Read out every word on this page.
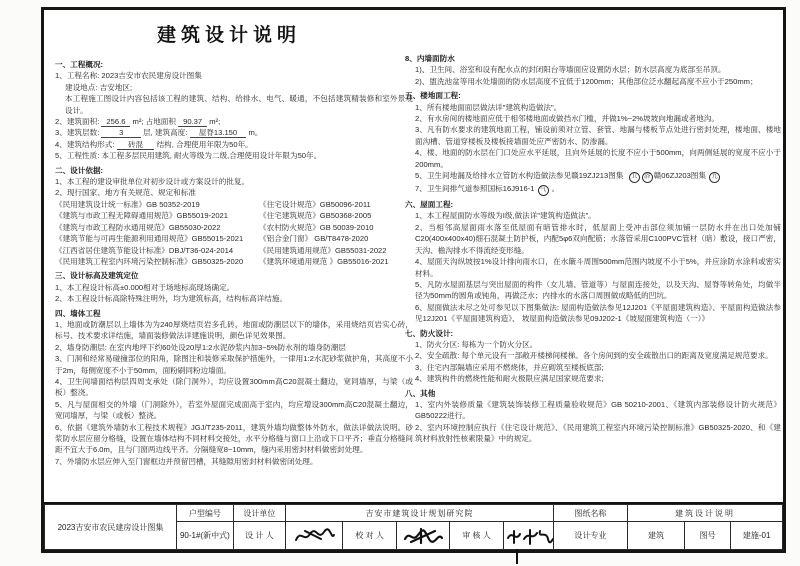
建筑设计说明
一、工程概况:
1、工程名称: 2023吉安市农民建房设计图集
建设地点: 吉安地区;
本工程施工图设计内容包括该工程的建筑、结构、给排水、电气、暖通，不包括建筑精装修和室外景观设计。
2、建筑面积: 256.6 m²; 占地面积 90.37 m²;
3、建筑层数:       3       层, 建筑高度:   屋脊13.150   m。
4、建筑结构形式:    砖混    结构, 合理使用年限为50年。
5、工程性质: 本工程多层民用建筑, 耐火等级为二级,合理使用设计年限为50年。
二、设计依据:
1、本工程的建设审批单位对初步设计或方案设计的批复。
2、现行国家、地方有关规范、规定和标准
《民用建筑设计统一标准》GB 50352-2019	《住宅设计规范》GB50096-2011
《建筑与市政工程无障碍通用规范》GB55019-2021	《住宅建筑规范》GB50368-2005
《建筑与市政工程防水通用规范》GB55030-2022	《农村防火规范》GB 50039-2010
《建筑节能与可再生能源利用通用规范》GB55015-2021	《铝合金门窗》 GB/T8478-2020
《江西省居住建筑节能设计标准》DBJ/T36-024-2014	《民用建筑通用规范》GB55031-2022
《民用建筑工程室内环境污染控制标准》GB50325-2020	《建筑环境通用规范 》GB55016-2021
三、设计标高及建筑定位
1、本工程设计标高±0.000相对于场地标高现场确定。
2、本工程设计标高除特殊注明外，均为建筑标高，结构标高详结施。
四、墙体工程
1、地面或防潮层以上墙体为为240厚烧结页岩多孔砖，地面或防潮层以下的墙体，采用烧结页岩实心砖，标号、技术要求详结施，墙面装修做法详建施说明，颜色详见效果图。
2、墙身防潮层: 在室内地坪下约60处设20厚1:2水泥砂浆内加3~5%防水剂的墙身防潮层
3、门洞和经常易碰撞部位的阳角，除图注和装修采取保护措施外，一律用1:2水泥砂浆做护角，其高度不小于2m，每侧宽度不小于50mm，面粉刷同粉边墙面。
4、卫生间墙面结构层四周支承处（除门洞外），均应设置300mm高C20混凝土翻边，宽同墙厚，与梁（或板）整浇。
5、凡与屋面相交的外墙（门洞除外），若室外屋面完成面高于室内，均应增设300mm高C20混凝土翻边，宽同墙厚，与梁（或板）整浇。
6、依据《建筑外墙防水工程技术规程》JGJ/T235-2011，建筑外墙均做整体外防水，做法详做法说明。砂浆防水层应留分格缝，设置在墙体结构不同材料交接处，水平分格缝与窗口上沿或下口平齐；垂直分格缝间距不宜大于6.0m，且与门窗两边线平齐。分隔缝宽8~10mm，缝内采用密封材料做密封处理。
7、外墙防水层应伸入至门窗框边并预留凹槽，其缝隙用密封材料做密闭处理。
8、内墙面防水
1)、卫生间、浴室和设有配水点的封闭阳台等墙面应设置防水层；防水层高度为底部至吊顶。
2)、盥洗池盆等用水处墙面的防水层高度不宜低于1200mm；其他部位泛水翻起高度不应小于250mm；
五、楼地面工程:
1、所有楼地面面层做法详"建筑构造做法"。
2、有水房间的楼地面应低于相邻楼地面或做挡水门槛，并做1%~2%坡坡向地漏或者地沟。
3、凡有防水要求的建筑地面工程，铺设前须对立管、套管、地漏与楼板节点处进行密封处理，楼地面、楼地面沟槽、管道穿楼板及楼板接墙面处应严密防水、防渗漏。
4、楼、地面的防水层在门口处应水平延展，且向外延展的长度不应小于500mm，向两侧延展的宽度不应小于200mm。
5、卫生间地漏及给排水立管防水构造做法参见赣19ZJ213图集  卫 浴 赣06ZJ203图集 九
7、卫生间排气道参照国标16J916-1 气 。
六、屋面工程:
1、本工程屋面防水等级为I级,做法详"建筑构造做法"。
2、当相邻高屋面雨水落至低屋面有暗管排水时，低屋面上受冲击部位须加铺一层防水并在出口处加铺C20(400x400x40)细石混凝土防护板，内配5φ6双向配筋；水落管采用C100PVC管材（暗）敷设，接口严密，天沟、檐沟排水不得流经变形缝。
4、屋面天沟纵坡按1%设计排向雨水口，在水簸斗周围500mm范围内坡度不小于5%，并应涂防水涂料或密实材料。
5、凡防水屋面基层与突出屋面的构件（女儿墙、管道等）与屋面连接处，以及天沟、屋脊等转角处，均做半径为50mm的圆角或钝角，再做泛水；内排水的水落口周围做成略低的凹坑。
6、屋面做法未尽之处可参见以下图集做法: 屋面构造做法参见12J201《平屋面建筑构造》、平屋面构造做法参见12J201《平屋面建筑构造》、 坡屋面构造做法参见09J202-1《坡屋面建筑构造（一）》
七、防火设计:
1、防火分区: 每栋为一个防火分区。
2、安全疏散: 每个单元设有一部敞开楼梯间楼梯。各个房间到的安全疏散出口的距离及宽度满足规范要求。
3、住宅内部隔墙应采用不燃烧体，并应砌筑至楼板底部;
4、建筑构件的燃烧性能和耐火极限应满足国家规范要求;
八、其他
1、室内外装修质量《建筑装饰装修工程质量验收规范》GB 50210-2001、《建筑内部装修设计防火规范》GB50222进行。
2、室内环境控制应执行《住宅设计规范》、《民用建筑工程室内环境污染控制标准》GB50325-2020、和《建筑材料放射性核素限量》中的规定。
2023吉安市农民建房设计图集	户型编号	设计单位	吉安市建筑设计规划研究院					图纸名称	建筑设计说明		
	90-1#(新中式)	设 计 人		校 对 人		审 核 人		设计专业	建筑	图号	建施-01
